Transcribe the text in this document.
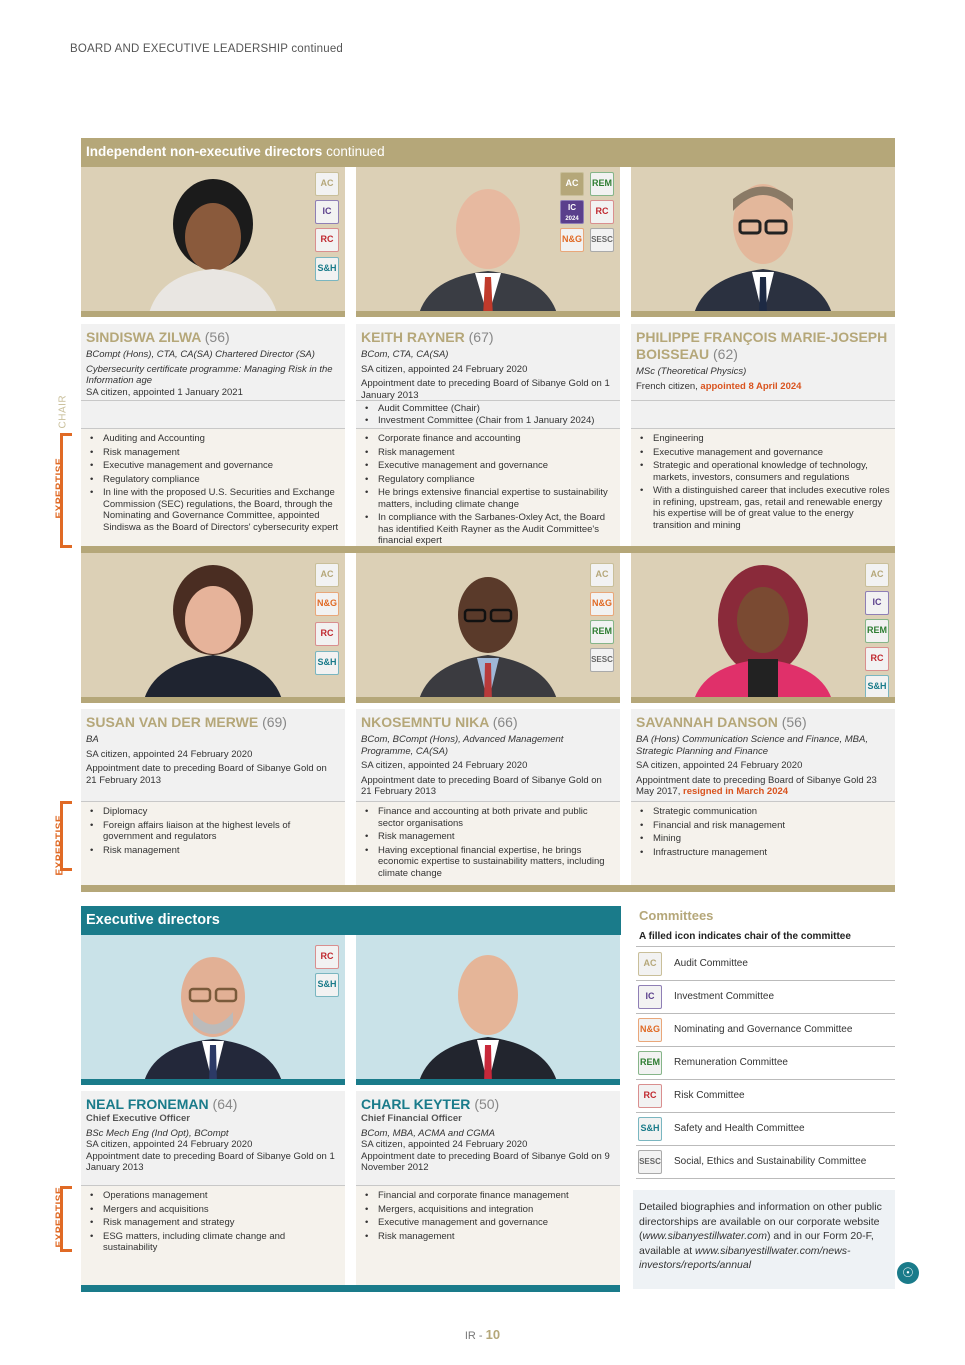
BOARD AND EXECUTIVE LEADERSHIP continued
Independent non-executive directors continued
CHAIR
EXPERTISE
EXPERTISE
EXPERTISE
AC
IC
RC
S&H
SINDISWA ZILWA (56)

BCompt (Hons), CTA, CA(SA) Chartered Director (SA)

Cybersecurity certificate programme: Managing Risk in the Information age

SA citizen, appointed 1 January 2021

• Auditing and Accounting
• Risk management
• Executive management and governance
• Regulatory compliance
• In line with the proposed U.S. Securities and Exchange Commission (SEC) regulations, the Board, through the Nominating and Governance Committee, appointed Sindiswa as the Board of Directors' cybersecurity expert
AC	REM
IC
2024
RC
N&G SESC
KEITH RAYNER (67)

BCom, CTA, CA(SA)

SA citizen, appointed 24 February 2020

Appointment date to preceding Board of Sibanye Gold on 1 January 2013

• Audit Committee (Chair)
• Investment Committee (Chair from 1 January 2024)
• Corporate finance and accounting
• Risk management
• Executive management and governance
• Regulatory compliance
• He brings extensive financial expertise to sustainability matters, including climate change
• In compliance with the Sarbanes-Oxley Act, the Board has identified Keith Rayner as the Audit Committee's financial expert
PHILIPPE FRANÇOIS MARIE-JOSEPH BOISSEAU (62)

MSc (Theoretical Physics)

French citizen, appointed 8 April 2024

• Engineering
• Executive management and governance
• Strategic and operational knowledge of technology, markets, investors, consumers and regulations
• With a distinguished career that includes executive roles in refining, upstream, gas, retail and renewable energy his expertise will be of great value to the energy transition and mining
AC
N&G
RC
S&H
SUSAN VAN DER MERWE (69)

BA

SA citizen, appointed 24 February 2020

Appointment date to preceding Board of Sibanye Gold on 21 February 2013

• Diplomacy
• Foreign affairs liaison at the highest levels of government and regulators
• Risk management
AC
N&G
REM
SESC
NKOSEMNTU NIKA (66)

BCom, BCompt (Hons), Advanced Management Programme, CA(SA)

SA citizen, appointed 24 February 2020

Appointment date to preceding Board of Sibanye Gold on 21 February 2013

• Finance and accounting at both private and public sector organisations
• Risk management
• Having exceptional financial expertise, he brings economic expertise to sustainability matters, including climate change
AC
IC
REM
RC
S&H
SAVANNAH DANSON (56)

BA (Hons) Communication Science and Finance, MBA, Strategic Planning and Finance

SA citizen, appointed 24 February 2020

Appointment date to preceding Board of Sibanye Gold 23 May 2017, resigned in March 2024

• Strategic communication
• Financial and risk management
• Mining
• Infrastructure management
Executive directors
RC
S&H
NEAL FRONEMAN (64)

Chief Executive Officer

BSc Mech Eng (Ind Opt), BCompt

SA citizen, appointed 24 February 2020

Appointment date to preceding Board of Sibanye Gold on 1 January 2013

• Operations management
• Mergers and acquisitions
• Risk management and strategy
• ESG matters, including climate change and sustainability
CHARL KEYTER (50)

Chief Financial Officer

BCom, MBA, ACMA and CGMA

SA citizen, appointed 24 February 2020

Appointment date to preceding Board of Sibanye Gold on 9 November 2012

• Financial and corporate finance management
• Mergers, acquisitions and integration
• Executive management and governance
• Risk management
Committees
A filled icon indicates chair of the committee
AC	Audit Committee
IC	Investment Committee
N&G Nominating and Governance Committee
REM Remuneration Committee
RC	Risk Committee
S&H Safety and Health Committee
SESC Social, Ethics and Sustainability Committee
Detailed biographies and information on other public directorships are available on our corporate website (www.sibanyestillwater.com) and in our Form 20-F, available at www.sibanyestillwater.com/news-investors/reports/annual	☉
IR - 10
